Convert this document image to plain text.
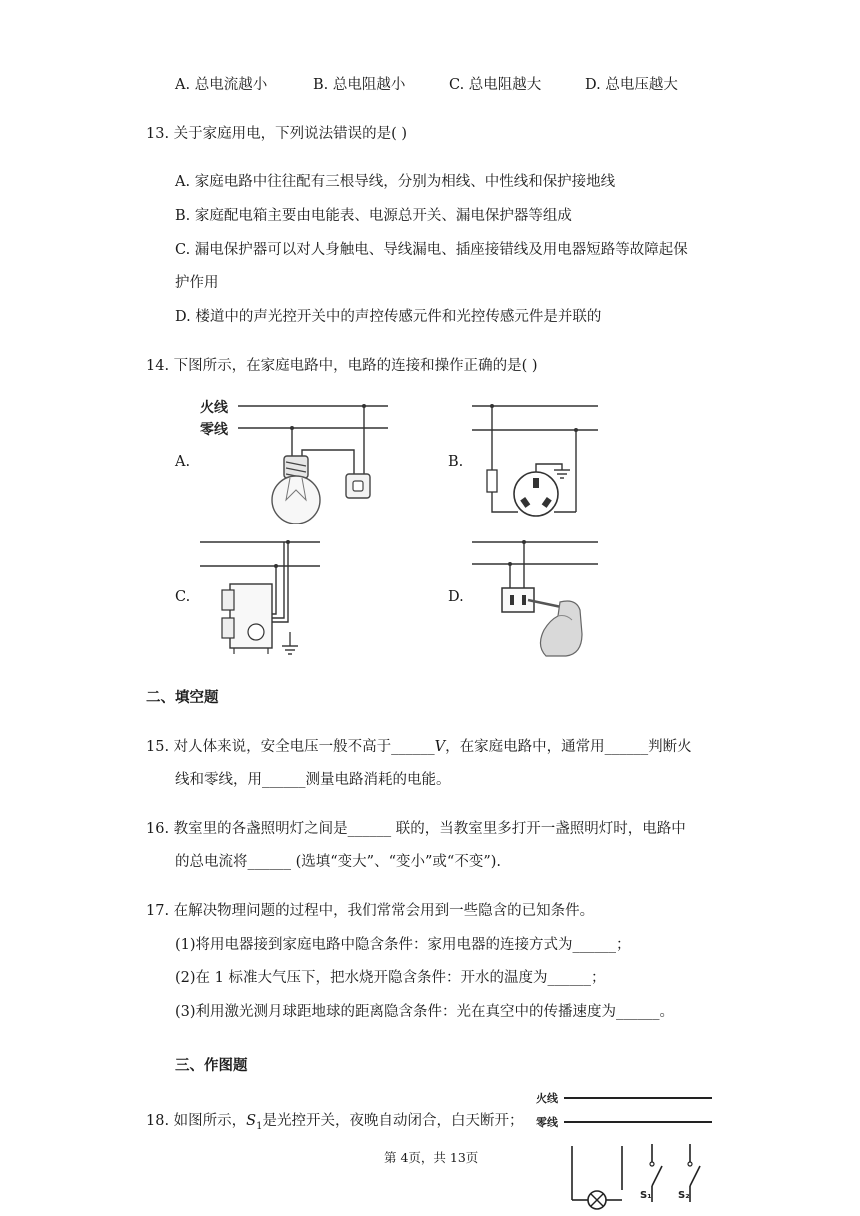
A. 总电流越小	B. 总电阻越小	C. 总电阻越大	D. 总电压越大
13. 关于家庭用电，下列说法错误的是( )
A. 家庭电路中往往配有三根导线，分别为相线、中性线和保护接地线
B. 家庭配电箱主要由电能表、电源总开关、漏电保护器等组成
C. 漏电保护器可以对人身触电、导线漏电、插座接错线及用电器短路等故障起保
护作用
D. 楼道中的声光控开关中的声控传感元件和光控传感元件是并联的
14. 下图所示，在家庭电路中，电路的连接和操作正确的是( )
A.	B.
C.	D.
火线
零线
二、填空题
15. 对人体来说，安全电压一般不高于______V，在家庭电路中，通常用______判断火
线和零线，用______测量电路消耗的电能。
16. 教室里的各盏照明灯之间是______ 联的，当教室里多打开一盏照明灯时，电路中
的总电流将______ (选填“变大”、“变小”或“不变”).
17. 在解决物理问题的过程中，我们常常会用到一些隐含的已知条件。
(1)将用电器接到家庭电路中隐含条件：家用电器的连接方式为______；
(2)在 1 标准大气压下，把水烧开隐含条件：开水的温度为______；
(3)利用激光测月球距地球的距离隐含条件：光在真空中的传播速度为______。
三、作图题
18. 如图所示，$S_1$是光控开关，夜晚自动闭合，白天断开；
火线
零线
S₁	S₂
第 4页，共 13页
